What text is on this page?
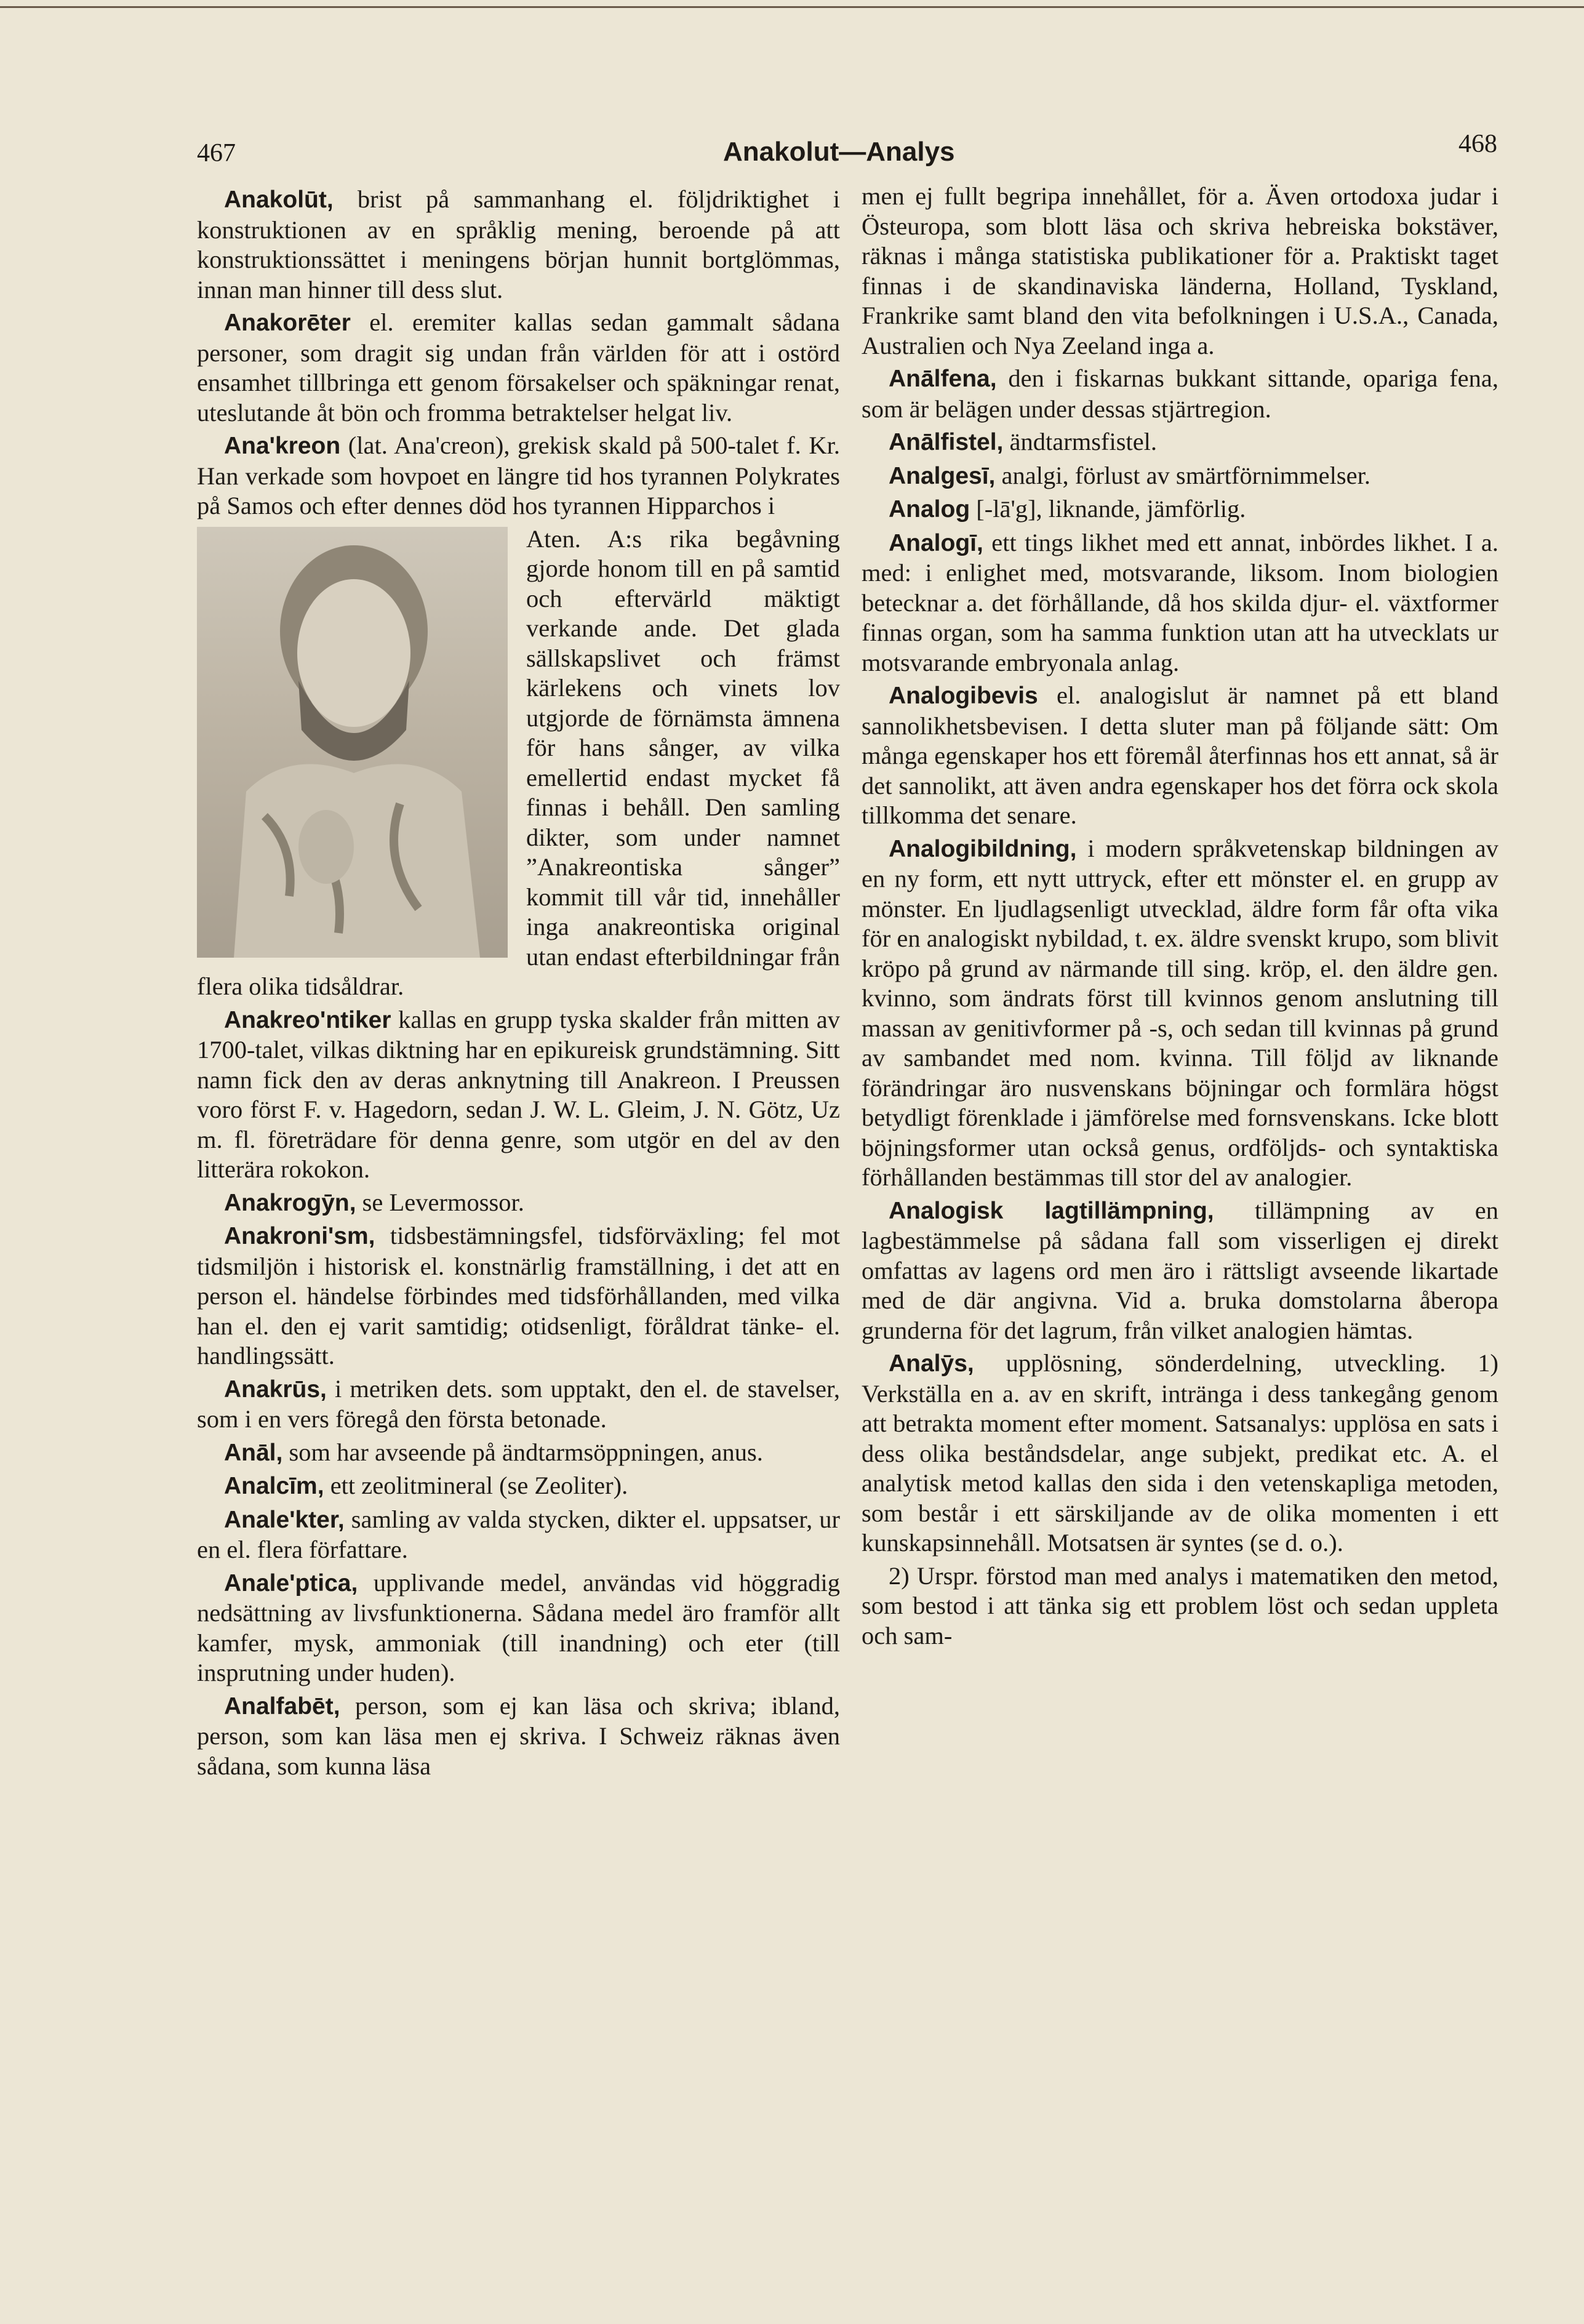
467	Anakolut—Analys	468

Anakolūt, brist på sammanhang el. följdriktighet i konstruktionen av en språklig mening, beroende på att konstruktionssättet i meningens början hunnit bortglömmas, innan man hinner till dess slut.

Anakorēter el. eremiter kallas sedan gammalt sådana personer, som dragit sig undan från världen för att i ostörd ensamhet tillbringa ett genom försakelser och späkningar renat, uteslutande åt bön och fromma betraktelser helgat liv.

Ana'kreon (lat. Ana'creon), grekisk skald på 500-talet f. Kr. Han verkade som hovpoet en längre tid hos tyrannen Polykrates på Samos och efter dennes död hos tyrannen Hipparchos i

Aten. A:s rika begåvning gjorde honom till en på samtid och eftervärld mäktigt verkande ande. Det glada sällskapslivet och främst kärlekens och vinets lov utgjorde de förnämsta ämnena för hans sånger, av vilka emellertid endast mycket få finnas i behåll. Den samling dikter, som under namnet ”Anakreontiska sånger” kommit till vår tid, innehåller inga anakreontiska original utan endast efterbildningar från flera olika tidsåldrar.

Anakreo'ntiker kallas en grupp tyska skalder från mitten av 1700-talet, vilkas diktning har en epikureisk grundstämning. Sitt namn fick den av deras anknytning till Anakreon. I Preussen voro först F. v. Hagedorn, sedan J. W. L. Gleim, J. N. Götz, Uz m. fl. företrädare för denna genre, som utgör en del av den litterära rokokon.

Anakrogȳn, se Levermossor.

Anakroni'sm, tidsbestämningsfel, tidsförväxling; fel mot tidsmiljön i historisk el. konstnärlig framställning, i det att en person el. händelse förbindes med tidsförhållanden, med vilka han el. den ej varit samtidig; otidsenligt, föråldrat tänke- el. handlingssätt.

Anakrūs, i metriken dets. som upptakt, den el. de stavelser, som i en vers föregå den första betonade.

Anāl, som har avseende på ändtarmsöppningen, anus.

Analcīm, ett zeolitmineral (se Zeoliter).

Anale'kter, samling av valda stycken, dikter el. uppsatser, ur en el. flera författare.

Anale'ptica, upplivande medel, användas vid höggradig nedsättning av livsfunktionerna. Sådana medel äro framför allt kamfer, mysk, ammoniak (till inandning) och eter (till insprutning under huden).

Analfabēt, person, som ej kan läsa och skriva; ibland, person, som kan läsa men ej skriva. I Schweiz räknas även sådana, som kunna läsa

men ej fullt begripa innehållet, för a. Även ortodoxa judar i Östeuropa, som blott läsa och skriva hebreiska bokstäver, räknas i många statistiska publikationer för a. Praktiskt taget finnas i de skandinaviska länderna, Holland, Tyskland, Frankrike samt bland den vita befolkningen i U.S.A., Canada, Australien och Nya Zeeland inga a.

Anālfena, den i fiskarnas bukkant sittande, opariga fena, som är belägen under dessas stjärtregion.

Anālfistel, ändtarmsfistel.

Analgesī, analgi, förlust av smärtförnimmelser.

Analog [-lā'g], liknande, jämförlig.

Analogī, ett tings likhet med ett annat, inbördes likhet. I a. med: i enlighet med, motsvarande, liksom. Inom biologien betecknar a. det förhållande, då hos skilda djur- el. växtformer finnas organ, som ha samma funktion utan att ha utvecklats ur motsvarande embryonala anlag.

Analogibevis el. analogislut är namnet på ett bland sannolikhetsbevisen. I detta sluter man på följande sätt: Om många egenskaper hos ett föremål återfinnas hos ett annat, så är det sannolikt, att även andra egenskaper hos det förra ock skola tillkomma det senare.

Analogibildning, i modern språkvetenskap bildningen av en ny form, ett nytt uttryck, efter ett mönster el. en grupp av mönster. En ljudlagsenligt utvecklad, äldre form får ofta vika för en analogiskt nybildad, t. ex. äldre svenskt krupo, som blivit kröpo på grund av närmande till sing. kröp, el. den äldre gen. kvinno, som ändrats först till kvinnos genom anslutning till massan av genitivformer på -s, och sedan till kvinnas på grund av sambandet med nom. kvinna. Till följd av liknande förändringar äro nusvenskans böjningar och formlära högst betydligt förenklade i jämförelse med fornsvenskans. Icke blott böjningsformer utan också genus, ordföljds- och syntaktiska förhållanden bestämmas till stor del av analogier.

Analogisk lagtillämpning, tillämpning av en lagbestämmelse på sådana fall som visserligen ej direkt omfattas av lagens ord men äro i rättsligt avseende likartade med de där angivna. Vid a. bruka domstolarna åberopa grunderna för det lagrum, från vilket analogien hämtas.

Analȳs, upplösning, sönderdelning, utveckling. 1) Verkställa en a. av en skrift, intränga i dess tankegång genom att betrakta moment efter moment. Satsanalys: upplösa en sats i dess olika beståndsdelar, ange subjekt, predikat etc. A. el analytisk metod kallas den sida i den vetenskapliga metoden, som består i ett särskiljande av de olika momenten i ett kunskapsinnehåll. Motsatsen är syntes (se d. o.).

2) Urspr. förstod man med analys i matematiken den metod, som bestod i att tänka sig ett problem löst och sedan uppleta och sam-
